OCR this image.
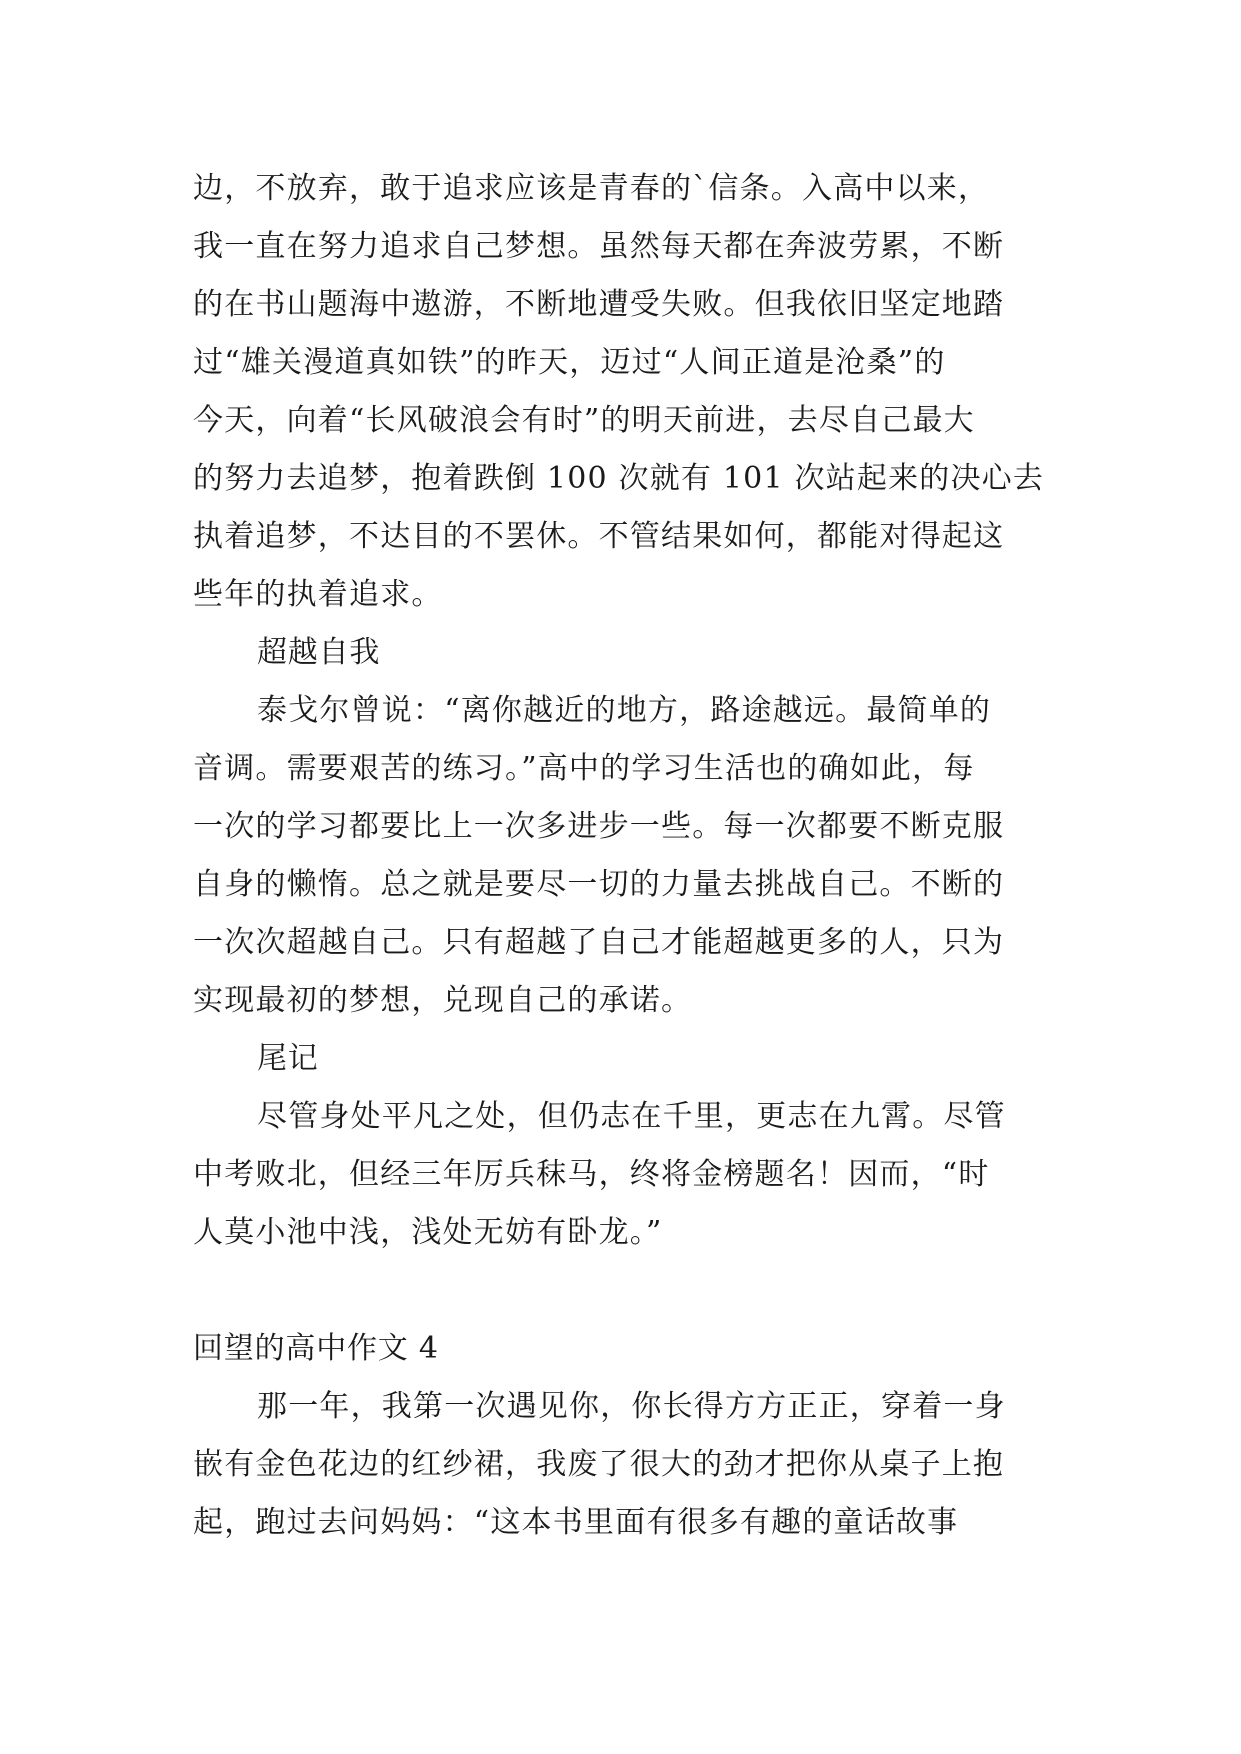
边，不放弃，敢于追求应该是青春的`信条。入高中以来，
我一直在努力追求自己梦想。虽然每天都在奔波劳累，不断
的在书山题海中遨游，不断地遭受失败。但我依旧坚定地踏
过“雄关漫道真如铁”的昨天，迈过“人间正道是沧桑”的
今天，向着“长风破浪会有时”的明天前进，去尽自己最大
的努力去追梦，抱着跌倒 100 次就有 101 次站起来的决心去
执着追梦，不达目的不罢休。不管结果如何，都能对得起这
些年的执着追求。
超越自我
泰戈尔曾说：“离你越近的地方，路途越远。最简单的
音调。需要艰苦的练习。”高中的学习生活也的确如此，每
一次的学习都要比上一次多进步一些。每一次都要不断克服
自身的懒惰。总之就是要尽一切的力量去挑战自己。不断的
一次次超越自己。只有超越了自己才能超越更多的人，只为
实现最初的梦想，兑现自己的承诺。
尾记
尽管身处平凡之处，但仍志在千里，更志在九霄。尽管
中考败北，但经三年厉兵秣马，终将金榜题名！因而，“时
人莫小池中浅，浅处无妨有卧龙。”
回望的高中作文 4
那一年，我第一次遇见你，你长得方方正正，穿着一身
嵌有金色花边的红纱裙，我废了很大的劲才把你从桌子上抱
起，跑过去问妈妈：“这本书里面有很多有趣的童话故事
